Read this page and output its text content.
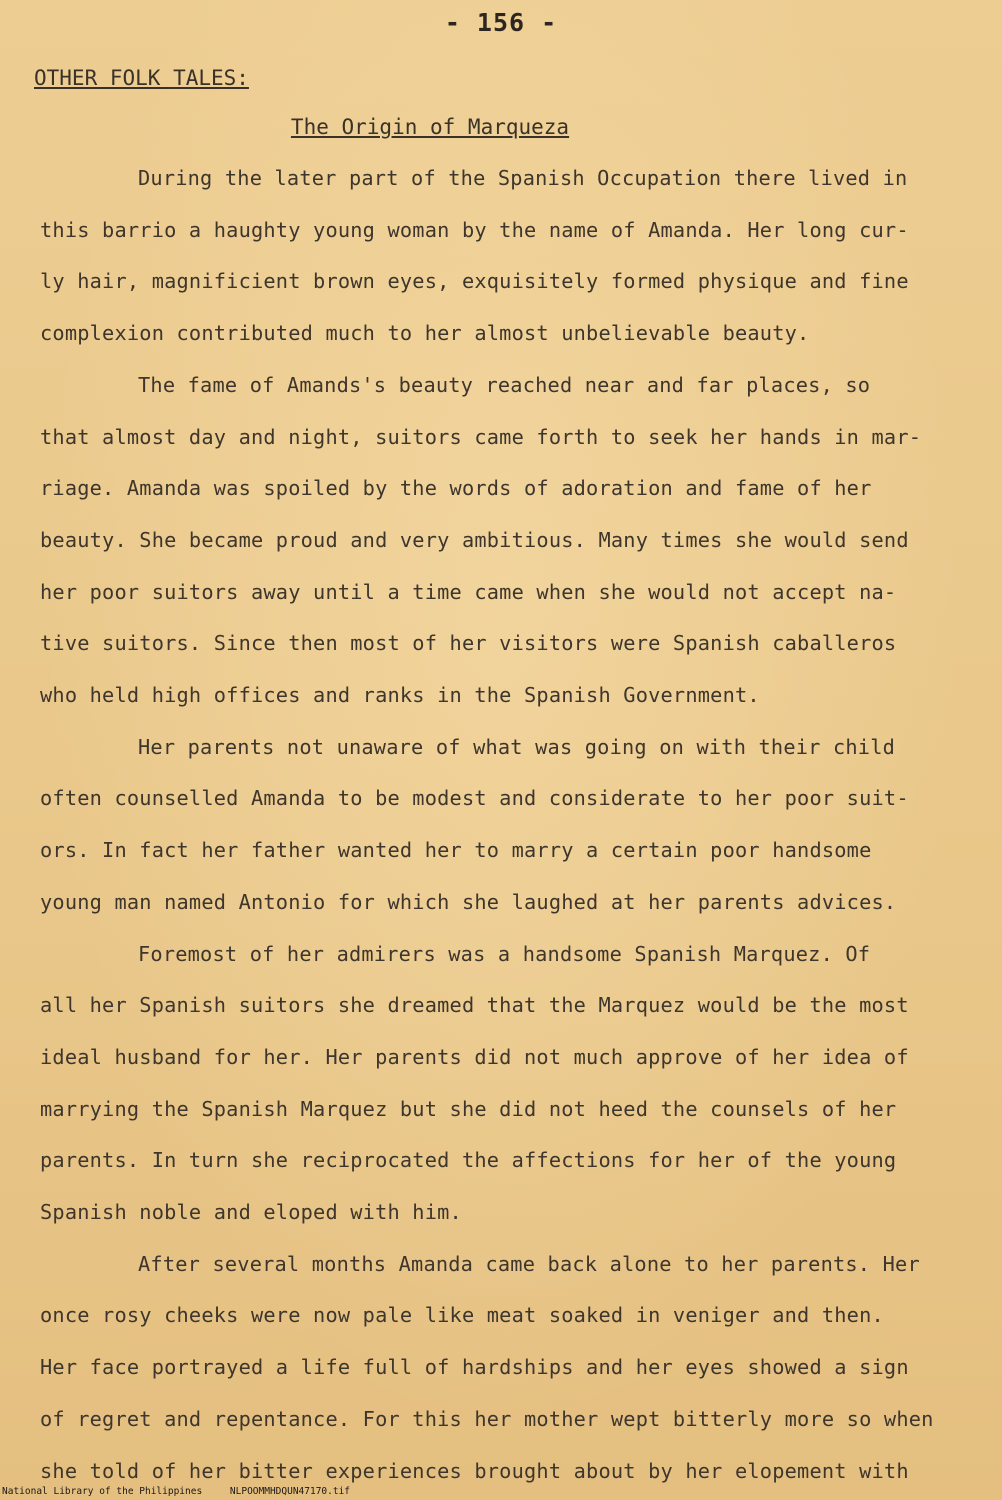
- 156 -
OTHER FOLK TALES:
The Origin of Marqueza
During the later part of the Spanish Occupation there lived in
this barrio a haughty young woman by the name of Amanda. Her long cur-
ly hair, magnificient brown eyes, exquisitely formed physique and fine
complexion contributed much to her almost unbelievable beauty.
The fame of Amands's beauty reached near and far places, so
that almost day and night, suitors came forth to seek her hands in mar-
riage. Amanda was spoiled by the words of adoration and fame of her
beauty. She became proud and very ambitious. Many times she would send
her poor suitors away until a time came when she would not accept na-
tive suitors. Since then most of her visitors were Spanish caballeros
who held high offices and ranks in the Spanish Government.
Her parents not unaware of what was going on with their child
often counselled Amanda to be modest and considerate to her poor suit-
ors. In fact her father wanted her to marry a certain poor handsome
young man named Antonio for which she laughed at her parents advices.
Foremost of her admirers was a handsome Spanish Marquez. Of
all her Spanish suitors she dreamed that the Marquez would be the most
ideal husband for her. Her parents did not much approve of her idea of
marrying the Spanish Marquez but she did not heed the counsels of her
parents. In turn she reciprocated the affections for her of the young
Spanish noble and eloped with him.
After several months Amanda came back alone to her parents. Her
once rosy cheeks were now pale like meat soaked in veniger and then.
Her face portrayed a life full of hardships and her eyes showed a sign
of regret and repentance. For this her mother wept bitterly more so when
she told of her bitter experiences brought about by her elopement with
National Library of the Philippines	NLPOOMMHDQUN47170.tif
